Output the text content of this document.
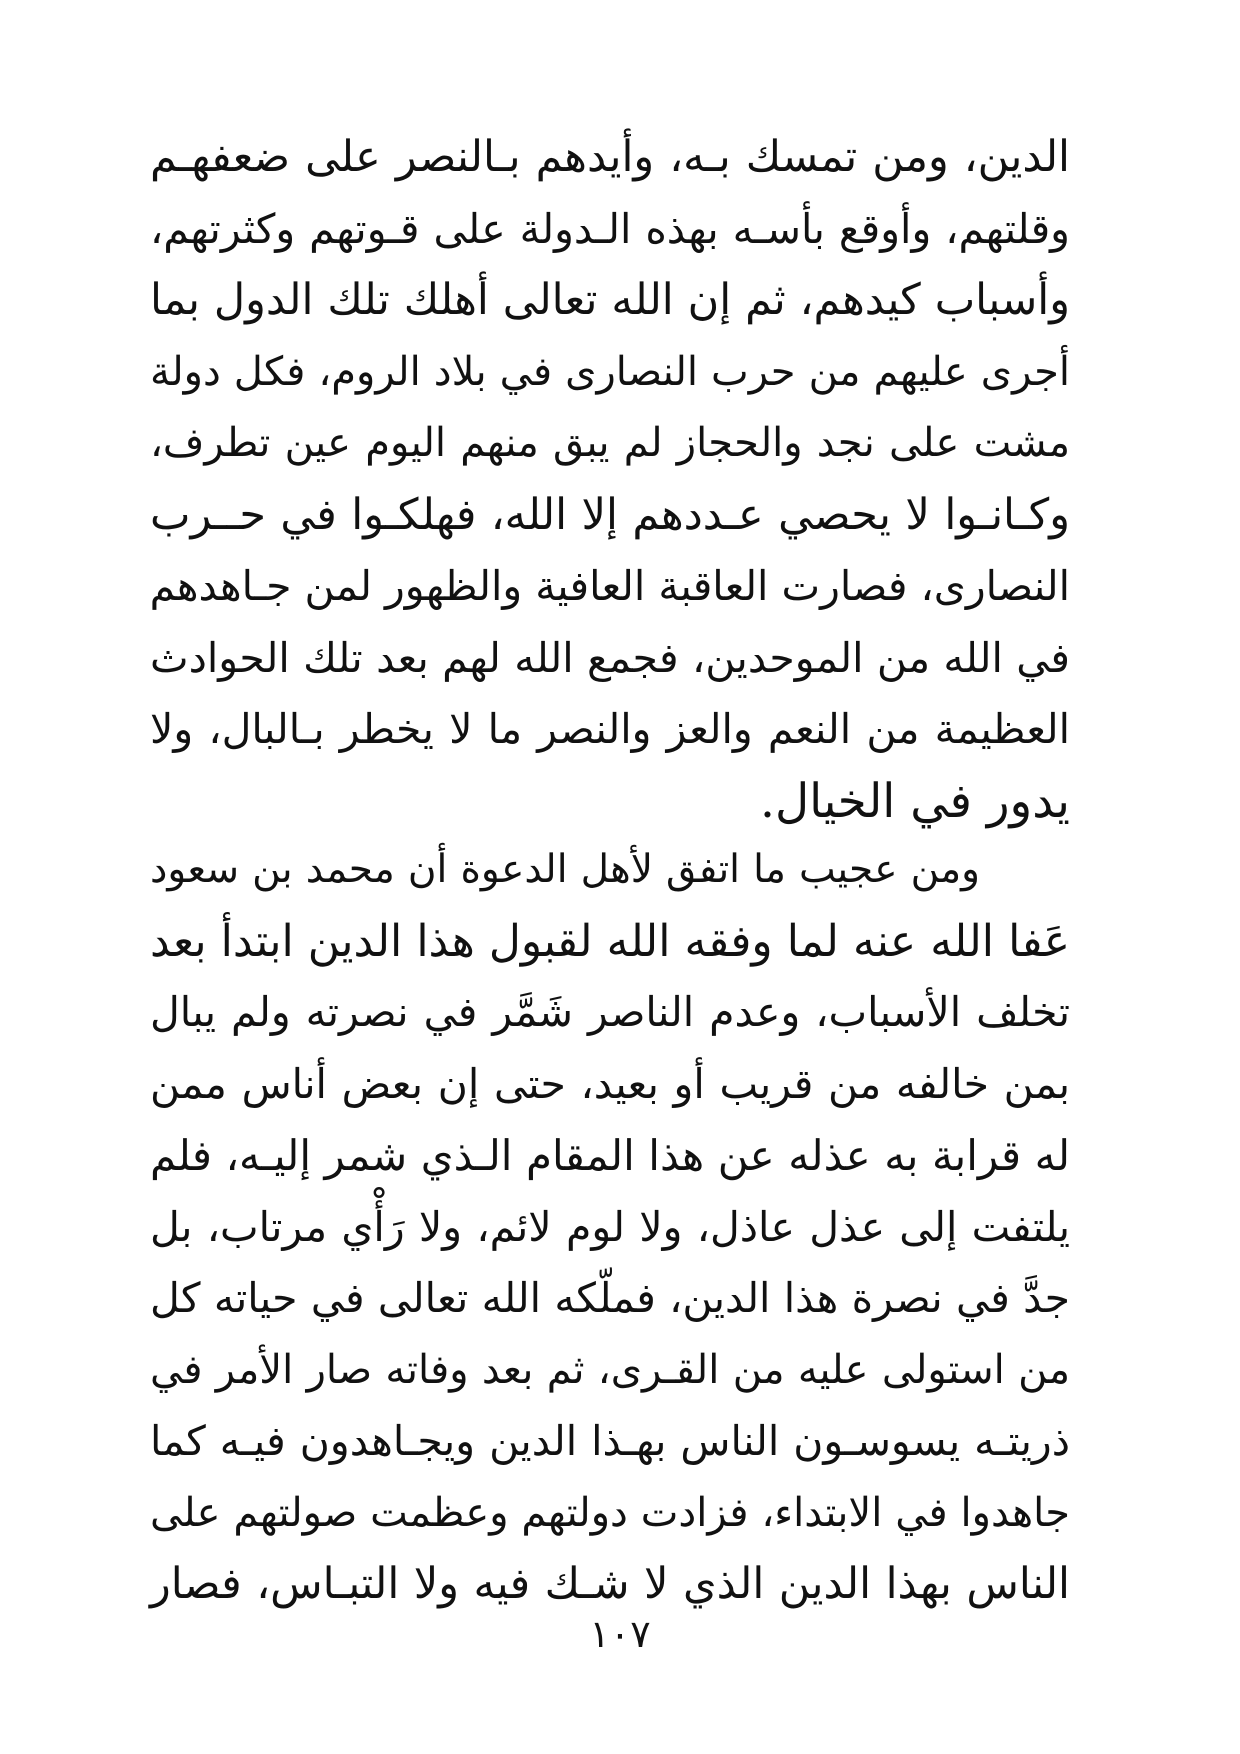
الدين، ومن تمسك بـه، وأيدهم بـالنصر على ضعفهـم
وقلتهم، وأوقع بأسـه بهذه الـدولة على قـوتهم وكثرتهم،
وأسباب كيدهم، ثم إن الله تعالى أهلك تلك الدول بما
أجرى عليهم من حرب النصارى في بلاد الروم، فكل دولة
مشت على نجد والحجاز لم يبق منهم اليوم عين تطرف،
وكـانـوا لا يحصي عـددهم إلا الله، فهلكـوا في حــرب
النصارى، فصارت العاقبة العافية والظهور لمن جـاهدهم
في الله من الموحدين، فجمع الله لهم بعد تلك الحوادث
العظيمة من النعم والعز والنصر ما لا يخطر بـالبال، ولا
يدور في الخيال.
ومن عجيب ما اتفق لأهل الدعوة أن محمد بن سعود
عَفا الله عنه لما وفقه الله لقبول هذا الدين ابتدأ بعد
تخلف الأسباب، وعدم الناصر شَمَّر في نصرته ولم يبال
بمن خالفه من قريب أو بعيد، حتى إن بعض أناس ممن
له قرابة به عذله عن هذا المقام الـذي شمر إليـه، فلم
يلتفت إلى عذل عاذل، ولا لوم لائم، ولا رَأْي مرتاب، بل
جدَّ في نصرة هذا الدين، فملّكه الله تعالى في حياته كل
من استولى عليه من القـرى، ثم بعد وفاته صار الأمر في
ذريتـه يسوسـون الناس بهـذا الدين ويجـاهدون فيـه كما
جاهدوا في الابتداء، فزادت دولتهم وعظمت صولتهم على
الناس بهذا الدين الذي لا شـك فيه ولا التبـاس، فصار
١٠٧
